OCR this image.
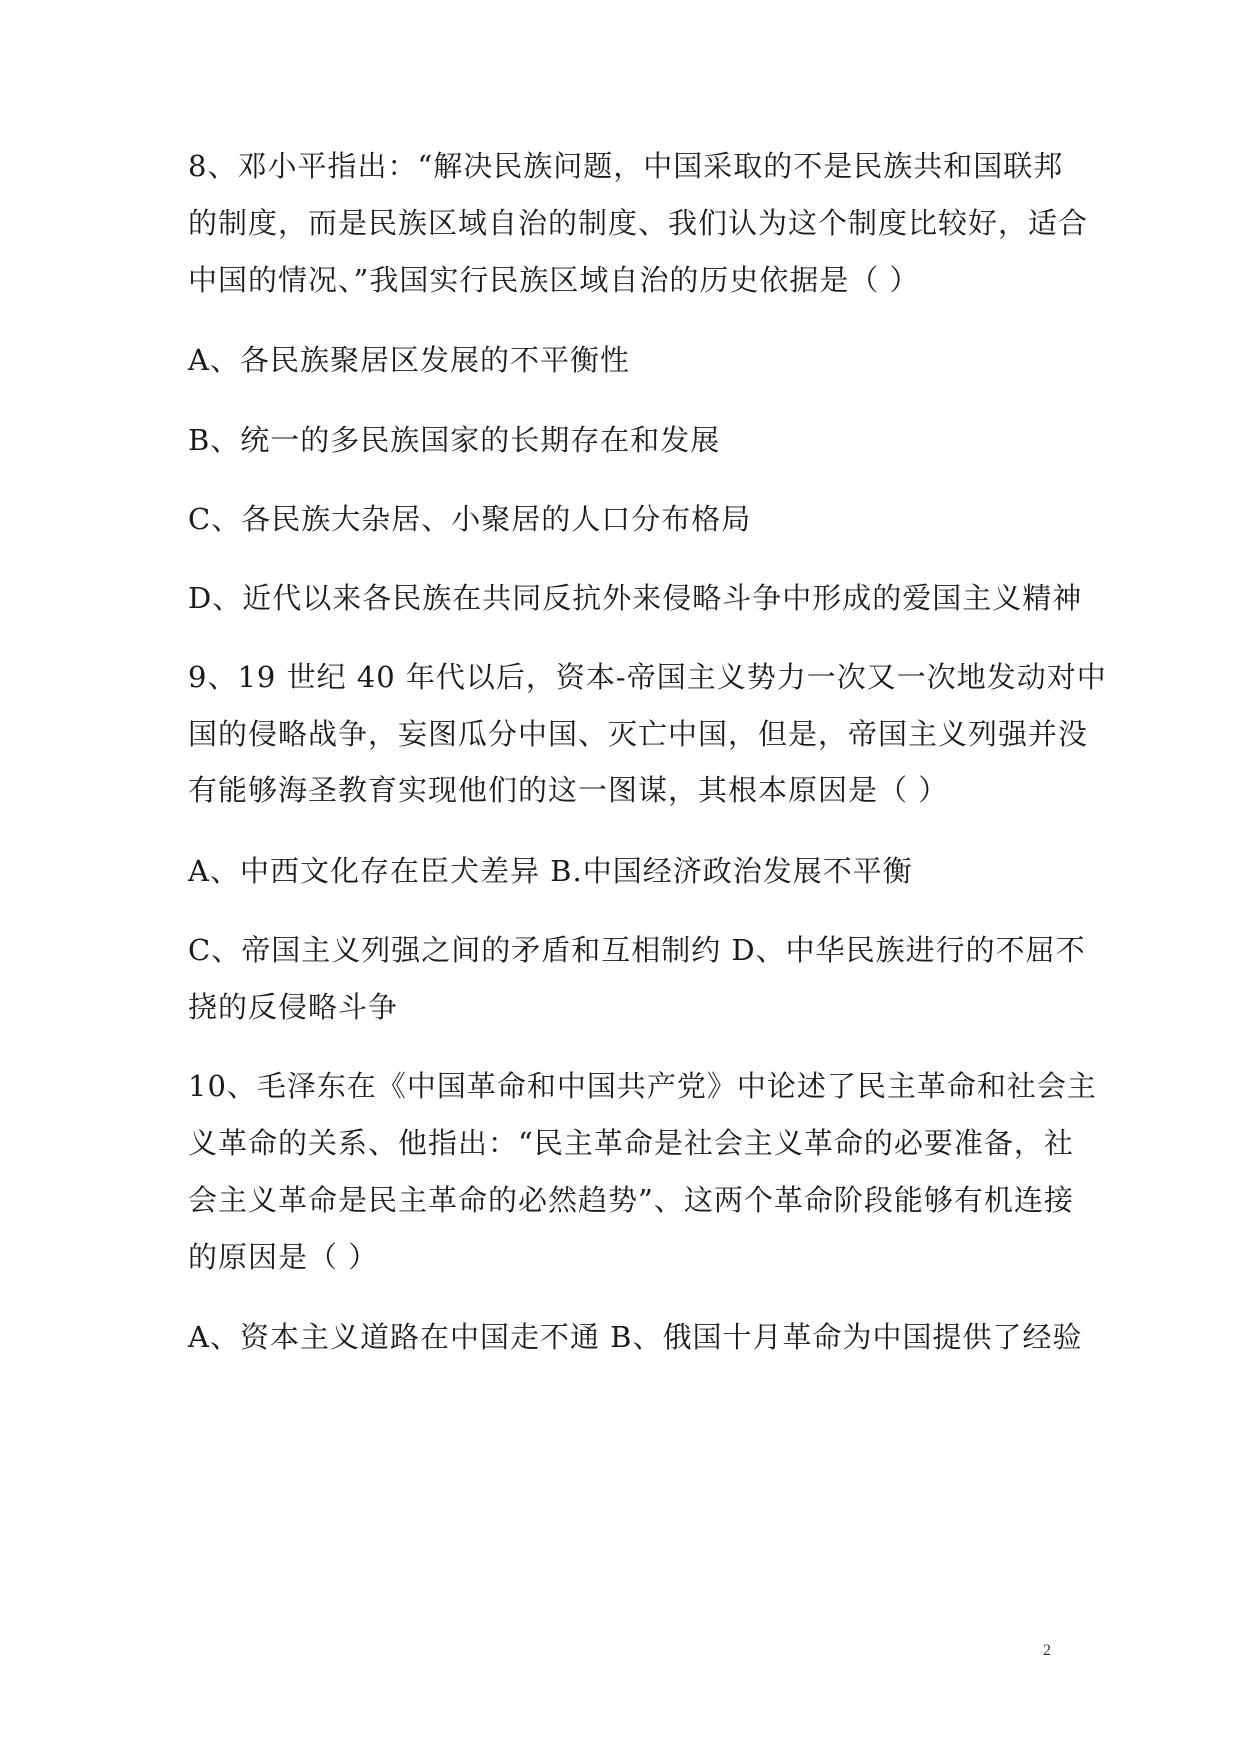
8、邓小平指出：“解决民族问题，中国采取的不是民族共和国联邦
的制度，而是民族区域自治的制度、我们认为这个制度比较好，适合
中国的情况、”我国实行民族区域自治的历史依据是（ ）
A、各民族聚居区发展的不平衡性
B、统一的多民族国家的长期存在和发展
C、各民族大杂居、小聚居的人口分布格局
D、近代以来各民族在共同反抗外来侵略斗争中形成的爱国主义精神
9、19 世纪 40 年代以后，资本-帝国主义势力一次又一次地发动对中
国的侵略战争，妄图瓜分中国、灭亡中国，但是，帝国主义列强并没
有能够海圣教育实现他们的这一图谋，其根本原因是（ ）
A、中西文化存在臣犬差异 B.中国经济政治发展不平衡
C、帝国主义列强之间的矛盾和互相制约 D、中华民族进行的不屈不
挠的反侵略斗争
10、毛泽东在《中国革命和中国共产党》中论述了民主革命和社会主
义革命的关系、他指出：“民主革命是社会主义革命的必要准备，社
会主义革命是民主革命的必然趋势”、这两个革命阶段能够有机连接
的原因是（ ）
A、资本主义道路在中国走不通 B、俄国十月革命为中国提供了经验
2
